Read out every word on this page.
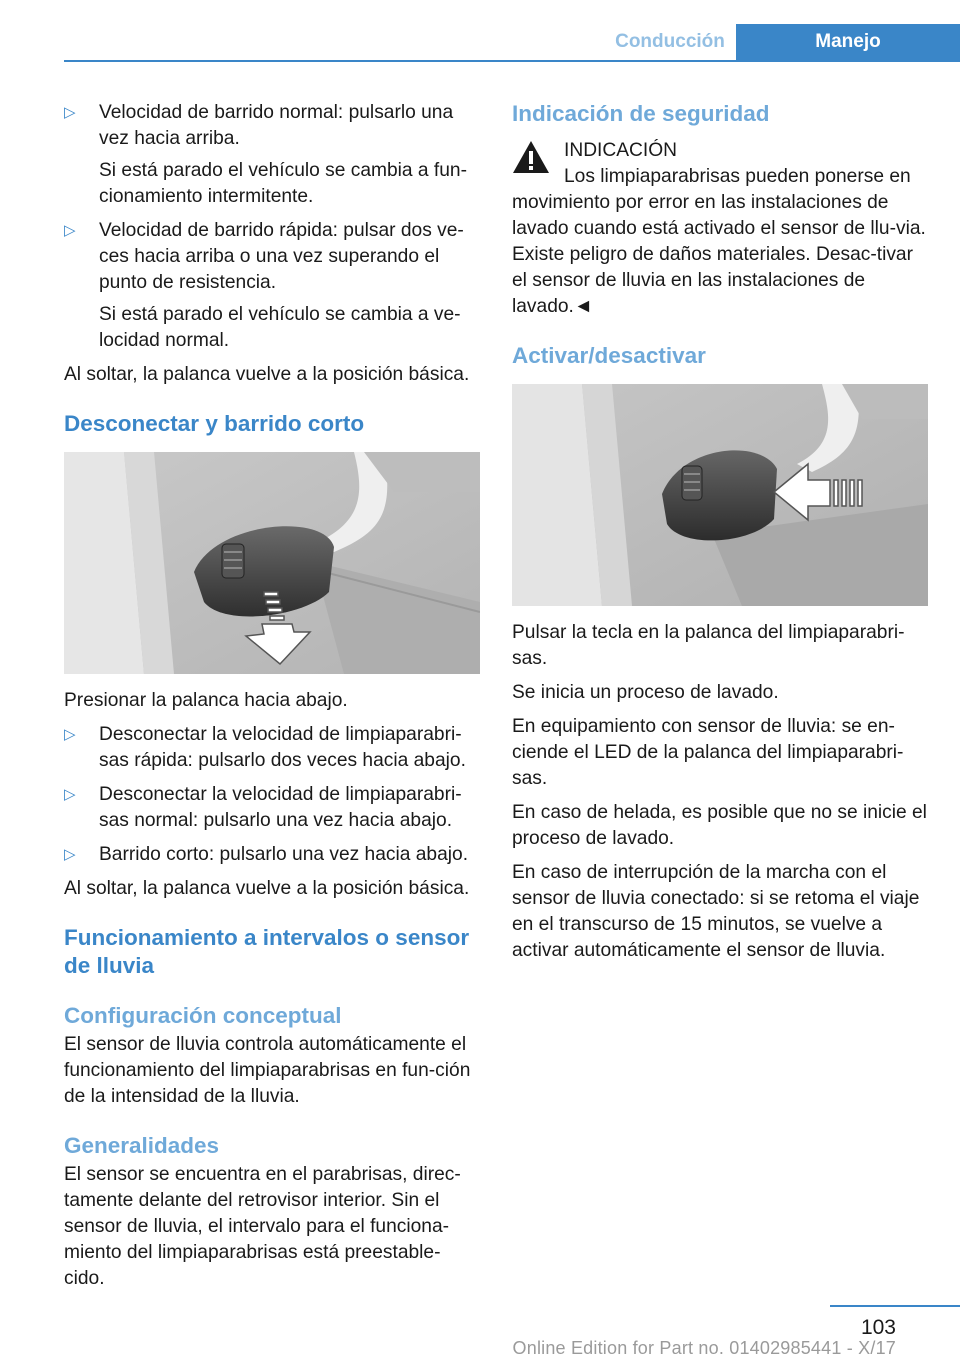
Conducción	Manejo
▷ Velocidad de barrido normal: pulsarlo una vez hacia arriba.

Si está parado el vehículo se cambia a fun‐cionamiento intermitente.

▷ Velocidad de barrido rápida: pulsar dos ve‐ces hacia arriba o una vez superando el punto de resistencia.

Si está parado el vehículo se cambia a ve‐locidad normal.

Al soltar, la palanca vuelve a la posición básica.

Desconectar y barrido corto

Presionar la palanca hacia abajo.

▷ Desconectar la velocidad de limpiaparabri‐sas rápida: pulsarlo dos veces hacia abajo.

▷ Desconectar la velocidad de limpiaparabri‐sas normal: pulsarlo una vez hacia abajo.

▷ Barrido corto: pulsarlo una vez hacia abajo.

Al soltar, la palanca vuelve a la posición básica.

Funcionamiento a intervalos o sensor de lluvia
Configuración conceptual

El sensor de lluvia controla automáticamente el funcionamiento del limpiaparabrisas en fun‐ción de la intensidad de la lluvia.

Generalidades

El sensor se encuentra en el parabrisas, direc‐tamente delante del retrovisor interior. Sin el sensor de lluvia, el intervalo para el funciona‐miento del limpiaparabrisas está preestable‐cido.

Indicación de seguridad
INDICACIÓN

Los limpiaparabrisas pueden ponerse en movimiento por error en las instalaciones de lavado cuando está activado el sensor de llu‐via. Existe peligro de daños materiales. Desac‐tivar el sensor de lluvia en las instalaciones de lavado.◄

Activar/desactivar

Pulsar la tecla en la palanca del limpiaparabri‐sas.

Se inicia un proceso de lavado.

En equipamiento con sensor de lluvia: se en‐ciende el LED de la palanca del limpiaparabri‐sas.

En caso de helada, es posible que no se inicie el proceso de lavado.

En caso de interrupción de la marcha con el sensor de lluvia conectado: si se retoma el viaje en el transcurso de 15 minutos, se vuelve a activar automáticamente el sensor de lluvia.

103
Online Edition for Part no. 01402985441 - X/17
